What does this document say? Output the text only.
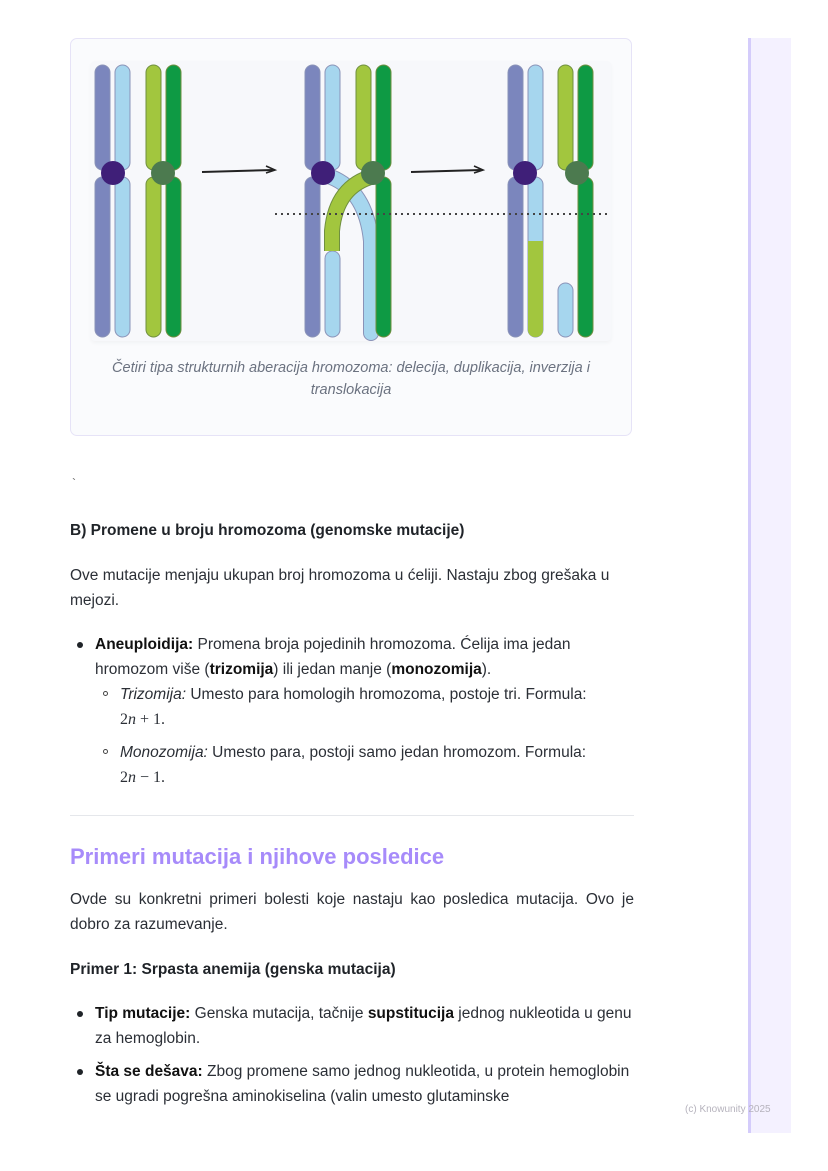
Četiri tipa strukturnih aberacija hromozoma: delecija, duplikacija, inverzija i translokacija
`
B) Promene u broju hromozoma (genomske mutacije)

Ove mutacije menjaju ukupan broj hromozoma u ćeliji. Nastaju zbog grešaka u mejozi.

Aneuploidija: Promena broja pojedinih hromozoma. Ćelija ima jedan hromozom više (trizomija) ili jedan manje (monozomija).
Trizomija: Umesto para homologih hromozoma, postoje tri. Formula:
2n + 1.
Monozomija: Umesto para, postoji samo jedan hromozom. Formula:
2n − 1.
Primeri mutacija i njihove posledice

Ovde su konkretni primeri bolesti koje nastaju kao posledica mutacija. Ovo je dobro za razumevanje.

Primer 1: Srpasta anemija (genska mutacija)
Tip mutacije: Genska mutacija, tačnije supstitucija jednog nukleotida u genu za hemoglobin.
Šta se dešava: Zbog promene samo jednog nukleotida, u protein hemoglobin se ugradi pogrešna aminokiselina (valin umesto glutaminske
(c) Knowunity 2025
